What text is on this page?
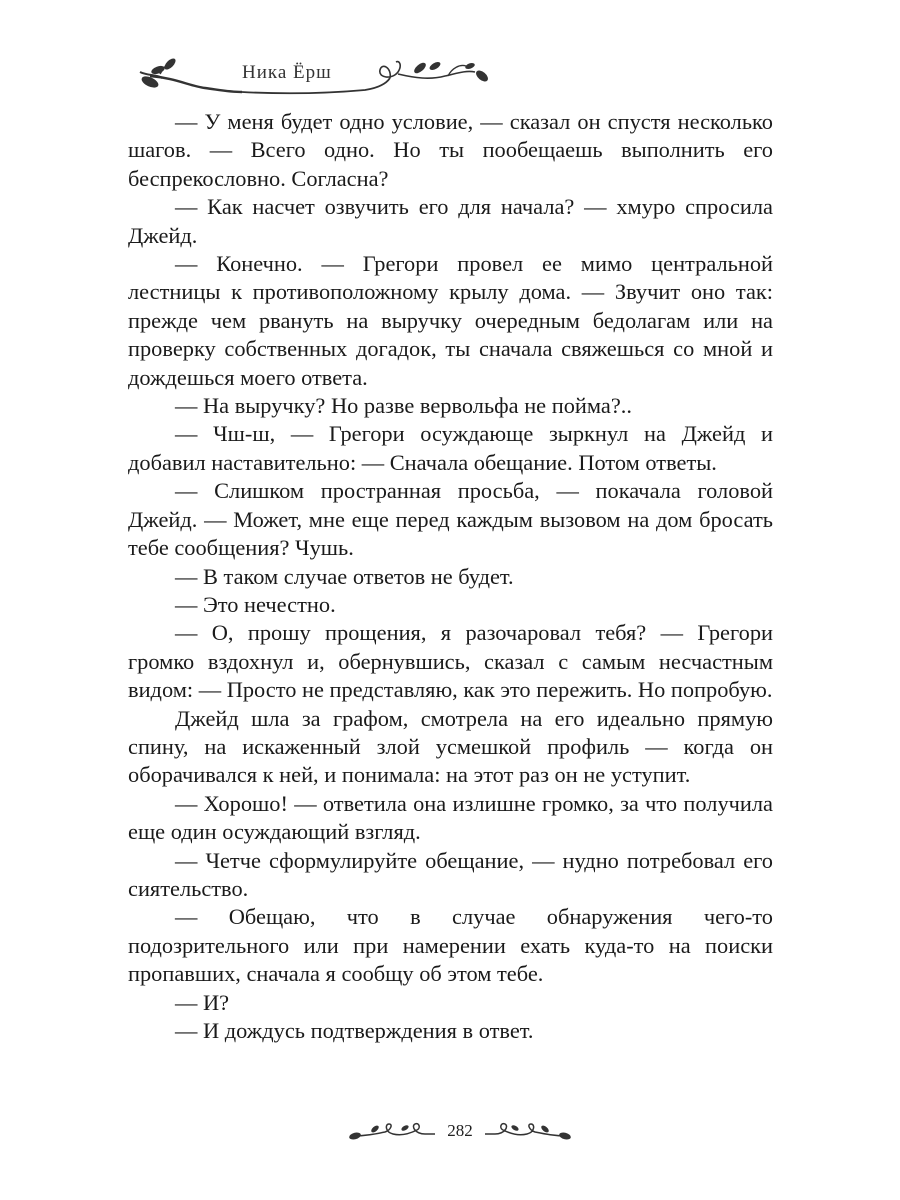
Ника Ёрш

— У меня будет одно условие, — сказал он спустя несколько шагов. — Всего одно. Но ты пообещаешь выполнить его беспрекословно. Согласна?

— Как насчет озвучить его для начала? — хмуро спросила Джейд.

— Конечно. — Грегори провел ее мимо центральной лестницы к противоположному крылу дома. — Звучит оно так: прежде чем рвануть на выручку очередным бедолагам или на проверку собственных догадок, ты сначала свяжешься со мной и дождешься моего ответа.

— На выручку? Но разве вервольфа не пойма?..

— Чш-ш, — Грегори осуждающе зыркнул на Джейд и добавил наставительно: — Сначала обещание. Потом ответы.

— Слишком пространная просьба, — покачала головой Джейд. — Может, мне еще перед каждым вызовом на дом бросать тебе сообщения? Чушь.

— В таком случае ответов не будет.

— Это нечестно.

— О, прошу прощения, я разочаровал тебя? — Грегори громко вздохнул и, обернувшись, сказал с самым несчастным видом: — Просто не представляю, как это пережить. Но попробую.

Джейд шла за графом, смотрела на его идеально прямую спину, на искаженный злой усмешкой профиль — когда он оборачивался к ней, и понимала: на этот раз он не уступит.

— Хорошо! — ответила она излишне громко, за что получила еще один осуждающий взгляд.

— Четче сформулируйте обещание, — нудно потребовал его сиятельство.

— Обещаю, что в случае обнаружения чего-то подозрительного или при намерении ехать куда-то на поиски пропавших, сначала я сообщу об этом тебе.

— И?

— И дождусь подтверждения в ответ.

282
